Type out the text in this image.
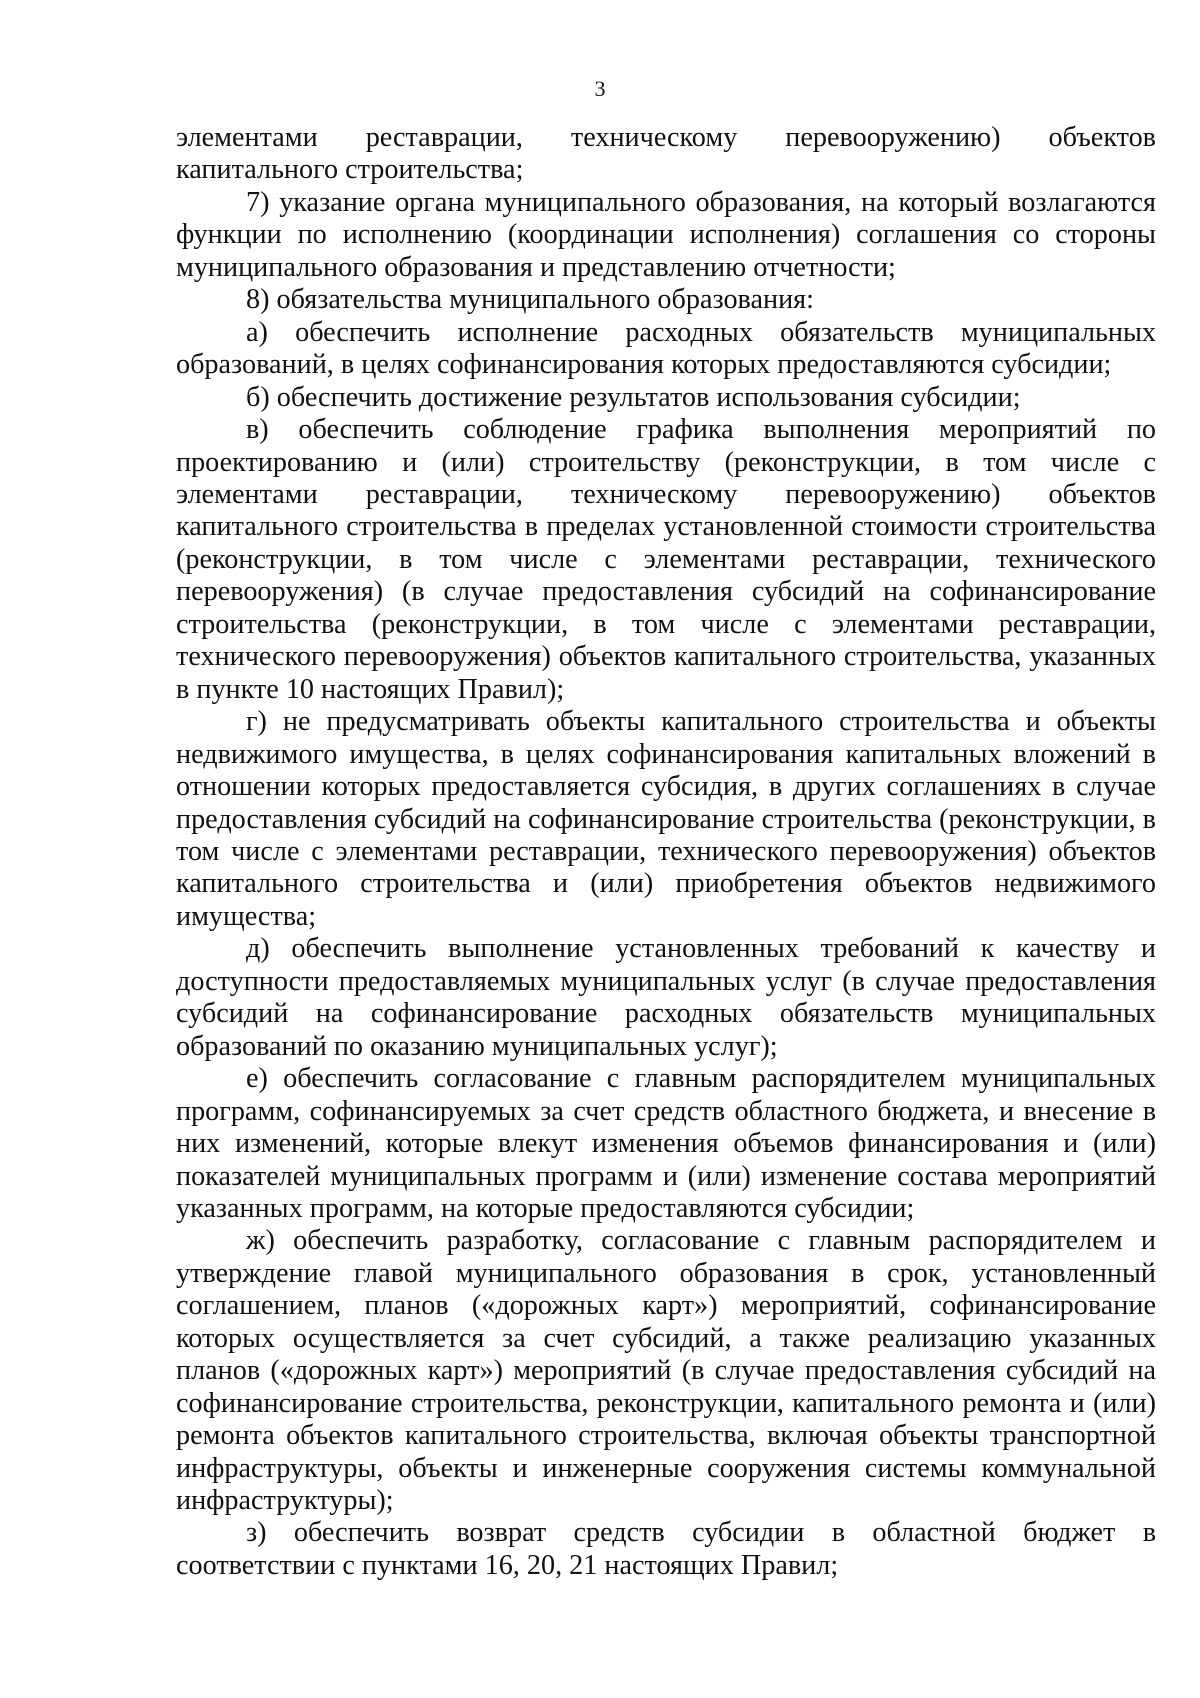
3

элементами реставрации, техническому перевооружению) объектов капитального строительства;

7) указание органа муниципального образования, на который возлагаются функции по исполнению (координации исполнения) соглашения со стороны муниципального образования и представлению отчетности;

8) обязательства муниципального образования:

а) обеспечить исполнение расходных обязательств муниципальных образований, в целях софинансирования которых предоставляются субсидии;

б) обеспечить достижение результатов использования субсидии;

в) обеспечить соблюдение графика выполнения мероприятий по проектированию и (или) строительству (реконструкции, в том числе с элементами реставрации, техническому перевооружению) объектов капитального строительства в пределах установленной стоимости строительства (реконструкции, в том числе с элементами реставрации, технического перевооружения) (в случае предоставления субсидий на софинансирование строительства (реконструкции, в том числе с элементами реставрации, технического перевооружения) объектов капитального строительства, указанных в пункте 10 настоящих Правил);

г) не предусматривать объекты капитального строительства и объекты недвижимого имущества, в целях софинансирования капитальных вложений в отношении которых предоставляется субсидия, в других соглашениях в случае предоставления субсидий на софинансирование строительства (реконструкции, в том числе с элементами реставрации, технического перевооружения) объектов капитального строительства и (или) приобретения объектов недвижимого имущества;

д) обеспечить выполнение установленных требований к качеству и доступности предоставляемых муниципальных услуг (в случае предоставления субсидий на софинансирование расходных обязательств муниципальных образований по оказанию муниципальных услуг);

е) обеспечить согласование с главным распорядителем муниципальных программ, софинансируемых за счет средств областного бюджета, и внесение в них изменений, которые влекут изменения объемов финансирования и (или) показателей муниципальных программ и (или) изменение состава мероприятий указанных программ, на которые предоставляются субсидии;

ж) обеспечить разработку, согласование с главным распорядителем и утверждение главой муниципального образования в срок, установленный соглашением, планов («дорожных карт») мероприятий, софинансирование которых осуществляется за счет субсидий, а также реализацию указанных планов («дорожных карт») мероприятий (в случае предоставления субсидий на софинансирование строительства, реконструкции, капитального ремонта и (или) ремонта объектов капитального строительства, включая объекты транспортной инфраструктуры, объекты и инженерные сооружения системы коммунальной инфраструктуры);

з) обеспечить возврат средств субсидии в областной бюджет в соответствии с пунктами 16, 20, 21 настоящих Правил;
